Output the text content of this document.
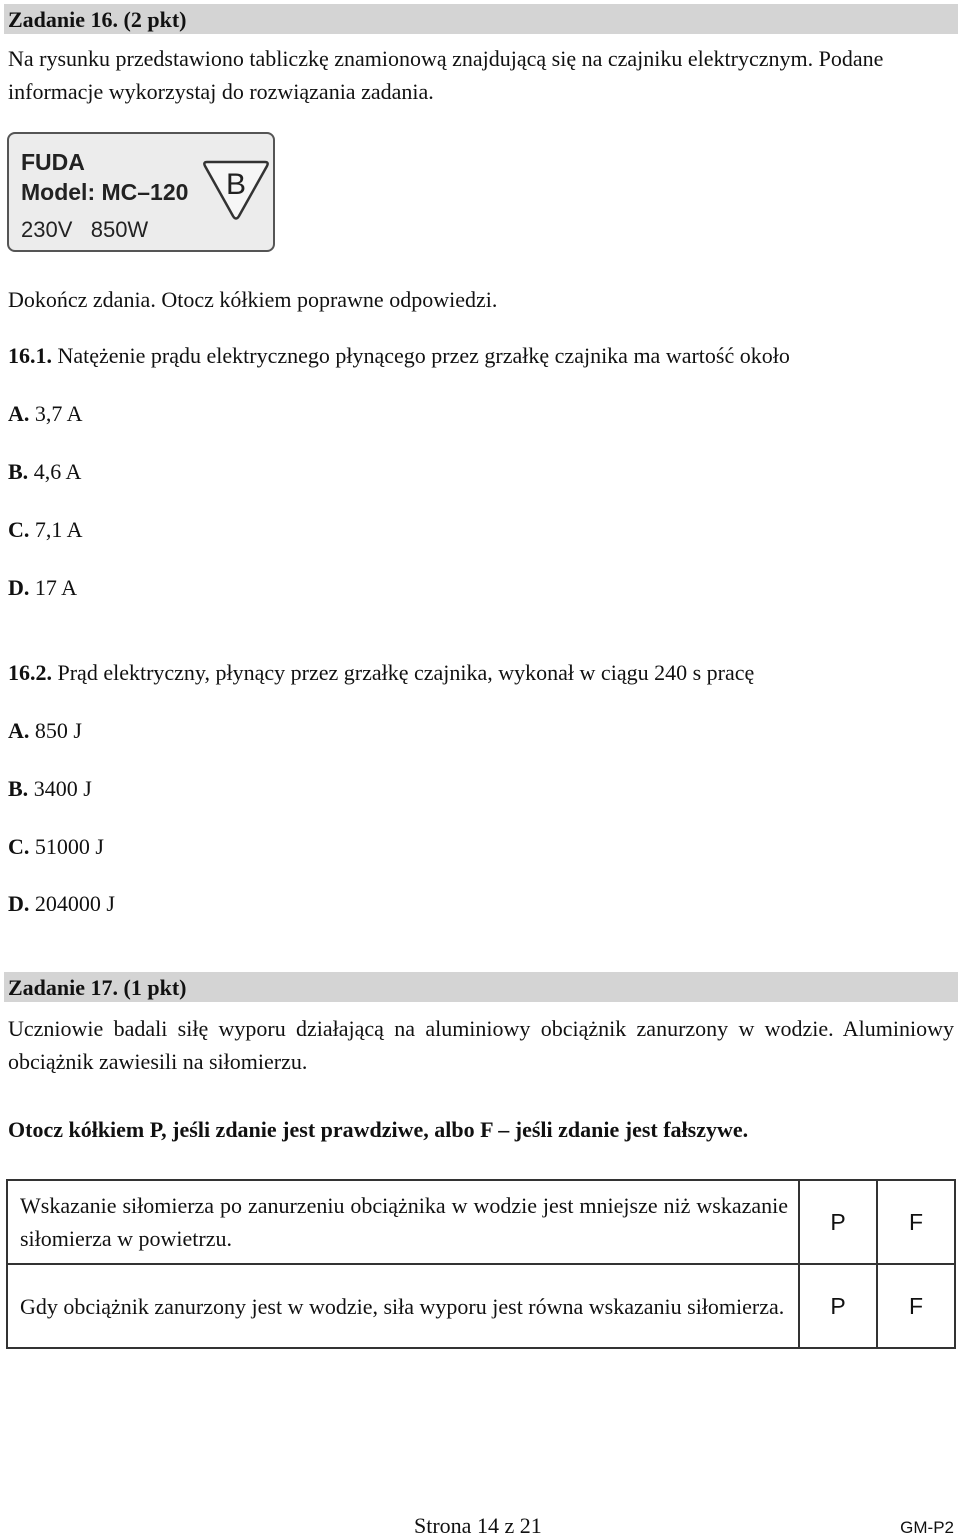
Zadanie 16. (2 pkt)

Na rysunku przedstawiono tabliczkę znamionową znajdującą się na czajniku elektrycznym. Podane informacje wykorzystaj do rozwiązania zadania.

FUDA
Model: MC–120
230V   850W
B
Dokończ zdania. Otocz kółkiem poprawne odpowiedzi.
16.1. Natężenie prądu elektrycznego płynącego przez grzałkę czajnika ma wartość około
A. 3,7 A
B. 4,6 A
C. 7,1 A
D. 17 A
16.2. Prąd elektryczny, płynący przez grzałkę czajnika, wykonał w ciągu 240 s pracę
A. 850 J
B. 3400 J
C. 51000 J
D. 204000 J
Zadanie 17. (1 pkt)

Uczniowie badali siłę wyporu działającą na aluminiowy obciążnik zanurzony w wodzie. Aluminiowy obciążnik zawiesili na siłomierzu.

Otocz kółkiem P, jeśli zdanie jest prawdziwe, albo F – jeśli zdanie jest fałszywe.
Wskazanie siłomierza po zanurzeniu obciążnika w wodzie jest mniejsze niż wskazanie siłomierza w powietrzu.	P	F
Gdy obciążnik zanurzony jest w wodzie, siła wyporu jest równa wskazaniu siłomierza.	P	F
Strona 14 z 21	GM-P2
